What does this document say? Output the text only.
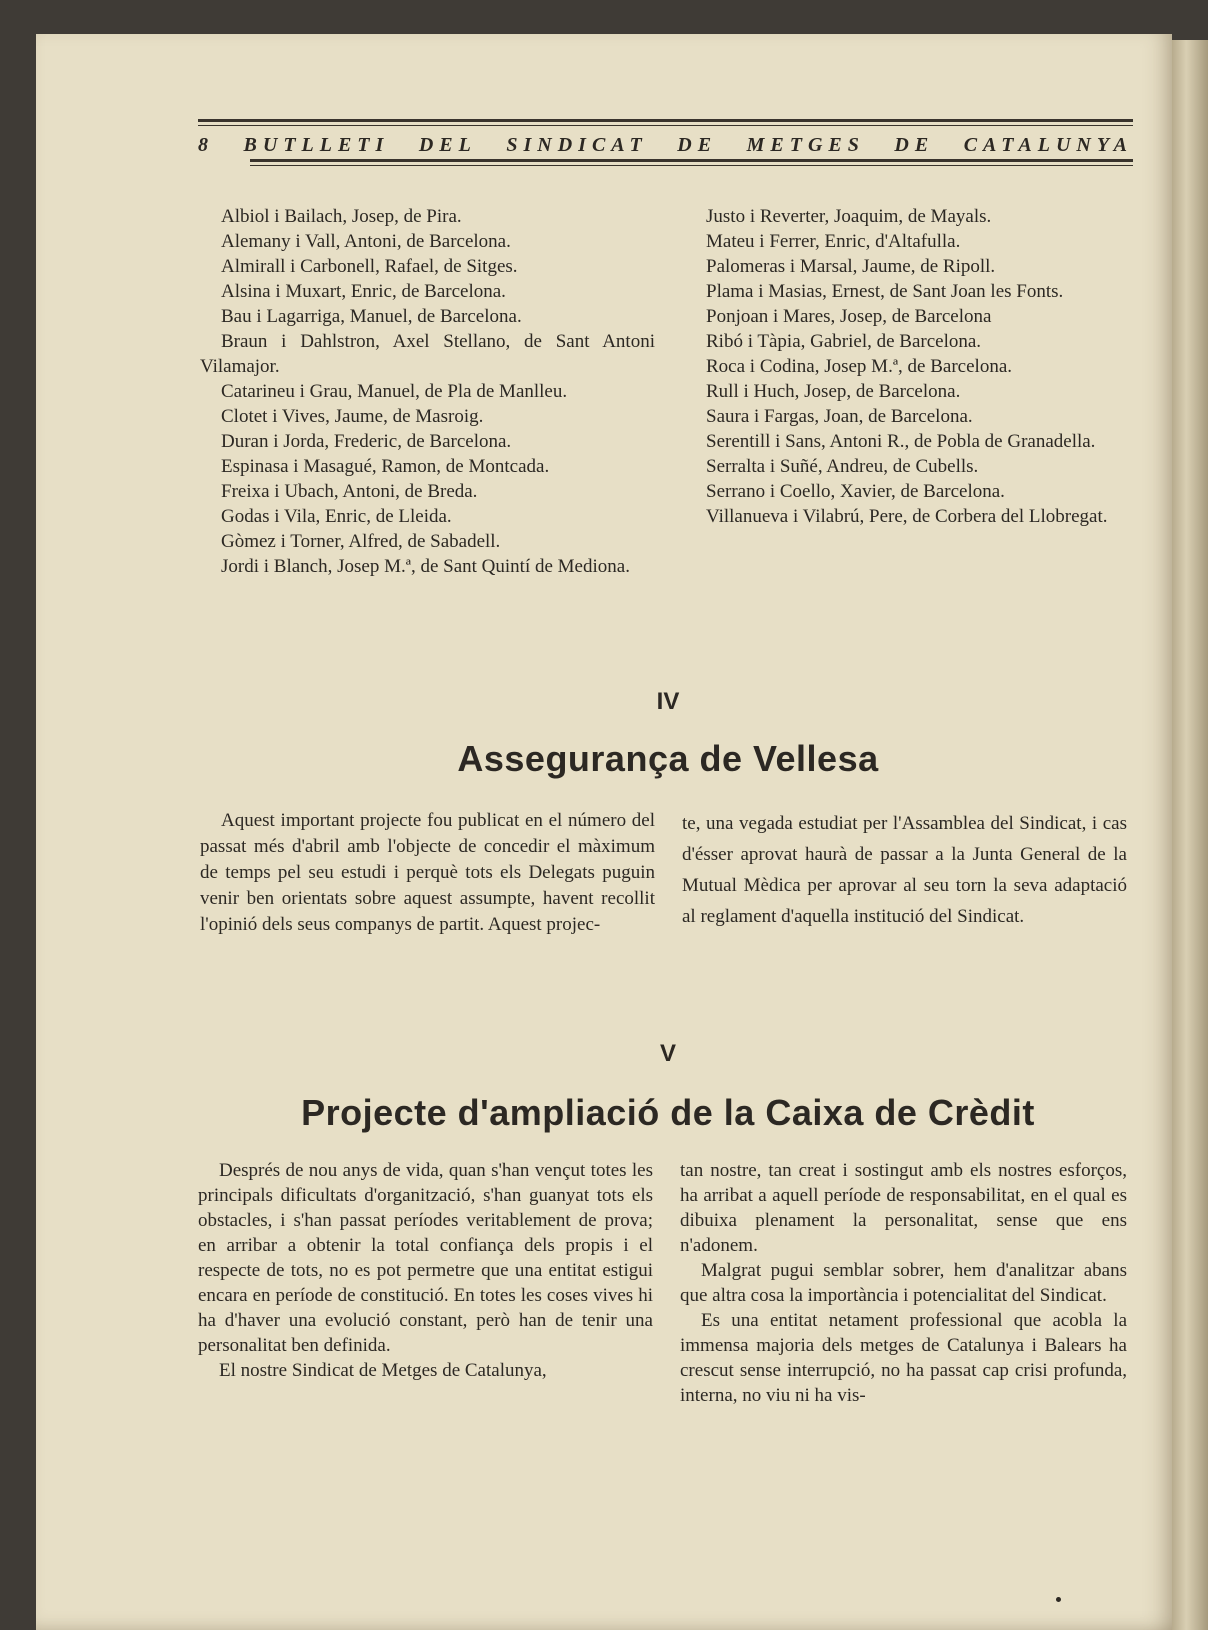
8 BUTLLETI DEL SINDICAT DE METGES DE CATALUNYA
Albiol i Bailach, Josep, de Pira.
Alemany i Vall, Antoni, de Barcelona.
Almirall i Carbonell, Rafael, de Sitges.
Alsina i Muxart, Enric, de Barcelona.
Bau i Lagarriga, Manuel, de Barcelona.
Braun i Dahlstron, Axel Stellano, de Sant Antoni Vilamajor.
Catarineu i Grau, Manuel, de Pla de Manlleu.
Clotet i Vives, Jaume, de Masroig.
Duran i Jorda, Frederic, de Barcelona.
Espinasa i Masagué, Ramon, de Montcada.
Freixa i Ubach, Antoni, de Breda.
Godas i Vila, Enric, de Lleida.
Gòmez i Torner, Alfred, de Sabadell.
Jordi i Blanch, Josep M.ª, de Sant Quintí de Mediona.
Justo i Reverter, Joaquim, de Mayals.
Mateu i Ferrer, Enric, d'Altafulla.
Palomeras i Marsal, Jaume, de Ripoll.
Plama i Masias, Ernest, de Sant Joan les Fonts.
Ponjoan i Mares, Josep, de Barcelona
Ribó i Tàpia, Gabriel, de Barcelona.
Roca i Codina, Josep M.ª, de Barcelona.
Rull i Huch, Josep, de Barcelona.
Saura i Fargas, Joan, de Barcelona.
Serentill i Sans, Antoni R., de Pobla de Granadella.
Serralta i Suñé, Andreu, de Cubells.
Serrano i Coello, Xavier, de Barcelona.
Villanueva i Vilabrú, Pere, de Corbera del Llobregat.
IV
Assegurança de Vellesa

Aquest important projecte fou publicat en el número del passat més d'abril amb l'objecte de concedir el màximum de temps pel seu estudi i perquè tots els Delegats puguin venir ben orientats sobre aquest assumpte, havent recollit l'opinió dels seus companys de partit. Aquest projec-

te, una vegada estudiat per l'Assamblea del Sindicat, i cas d'ésser aprovat haurà de passar a la Junta General de la Mutual Mèdica per aprovar al seu torn la seva adaptació al reglament d'aquella institució del Sindicat.

V
Projecte d'ampliació de la Caixa de Crèdit

Després de nou anys de vida, quan s'han vençut totes les principals dificultats d'organització, s'han guanyat tots els obstacles, i s'han passat períodes veritablement de prova; en arribar a obtenir la total confiança dels propis i el respecte de tots, no es pot permetre que una entitat estigui encara en període de constitució. En totes les coses vives hi ha d'haver una evolució constant, però han de tenir una personalitat ben definida.

El nostre Sindicat de Metges de Catalunya,

tan nostre, tan creat i sostingut amb els nostres esforços, ha arribat a aquell període de responsabilitat, en el qual es dibuixa plenament la personalitat, sense que ens n'adonem.

Malgrat pugui semblar sobrer, hem d'analitzar abans que altra cosa la importància i potencialitat del Sindicat.

Es una entitat netament professional que acobla la immensa majoria dels metges de Catalunya i Balears ha crescut sense interrupció, no ha passat cap crisi profunda, interna, no viu ni ha vis-
